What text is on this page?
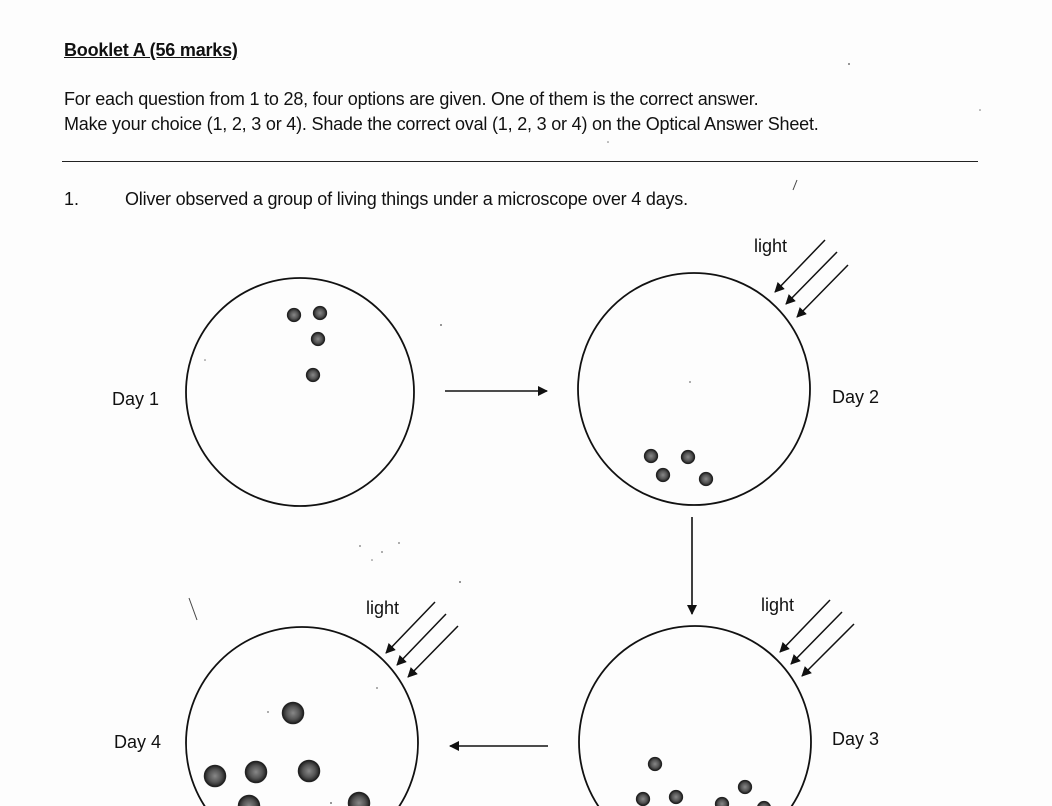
Booklet A (56 marks)
For each question from 1 to 28, four options are given. One of them is the correct answer.
Make your choice (1, 2, 3 or 4). Shade the correct oval (1, 2, 3 or 4) on the Optical Answer Sheet.
1.	Oliver observed a group of living things under a microscope over 4 days.
Day 1	Day 2
Day 3
Day 4
light
light
light
